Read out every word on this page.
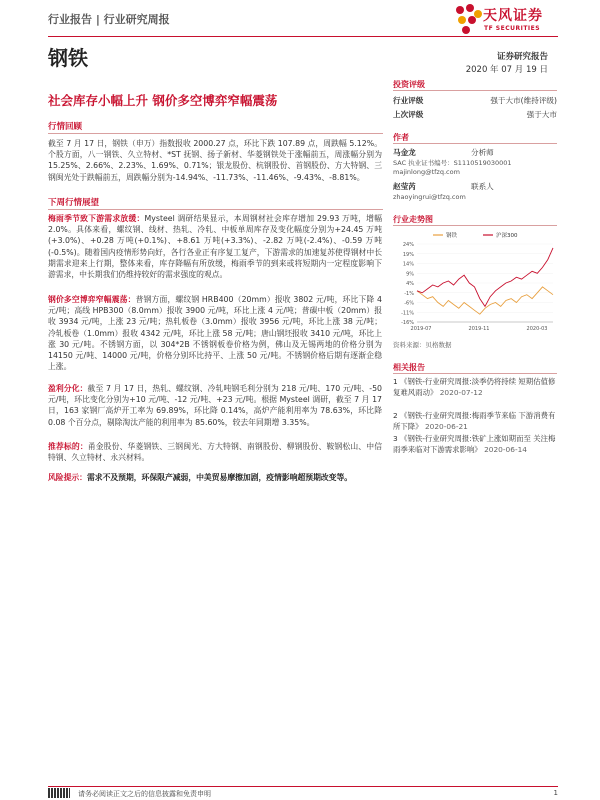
行业报告 | 行业研究周报	天风证券
TF SECURITIES
钢铁	证券研究报告
2020 年 07 月 19 日
社会库存小幅上升 钢价多空博弈窄幅震荡
行情回顾
截至 7 月 17 日，钢铁（申万）指数报收 2000.27 点，环比下跌 107.89 点，周跌幅 5.12%。个股方面，八一钢铁、久立特材、*ST 抚钢、扬子新材、华菱钢铁处于涨幅前五，周涨幅分别为 15.25%、2.66%、2.23%、1.69%、0.71%；银龙股份、杭钢股份、首钢股份、方大特钢、三钢闽光处于跌幅前五，周跌幅分别为-14.94%、-11.73%、-11.46%、-9.43%、-8.81%。
下周行情展望
梅雨季节致下游需求放缓：Mysteel 调研结果显示，本周钢材社会库存增加 29.93 万吨，增幅 2.0%。具体来看，螺纹钢、线材、热轧、冷轧、中板单周库存及变化幅度分别为+24.45 万吨(+3.0%)、+0.28 万吨(+0.1%)、+8.61 万吨(+3.3%)、-2.82 万吨(-2.4%)、-0.59 万吨(-0.5%)。随着国内疫情形势向好，各行各业正有序复工复产，下游需求的加速复苏使得钢材中长期需求迎来上行期，整体来看，库存降幅有所放缓，梅雨季节的到来或将短期内一定程度影响下游需求，中长期我们仍维持较好的需求强度的观点。
钢价多空博弈窄幅震荡：普钢方面，螺纹钢 HRB400（20mm）报收 3802 元/吨，环比下降 4 元/吨；高线 HPB300（8.0mm）报收 3900 元/吨，环比上涨 4 元/吨；普碳中板（20mm）报收 3934 元/吨，上涨 23 元/吨；热轧板卷（3.0mm）报收 3956 元/吨，环比上涨 38 元/吨；冷轧板卷（1.0mm）报收 4342 元/吨，环比上涨 58 元/吨；唐山钢坯报收 3410 元/吨，环比上涨 30 元/吨。不锈钢方面，以 304*2B 不锈钢板卷价格为例，佛山及无锡两地的价格分别为 14150 元/吨、14000 元/吨，价格分别环比持平、上涨 50 元/吨。不锈钢价格后期有逐渐企稳上涨。
盈利分化：截至 7 月 17 日，热轧、螺纹钢、冷轧吨钢毛利分别为 218 元/吨、170 元/吨、-50 元/吨，环比变化分别为+10 元/吨、-12 元/吨、+23 元/吨。根据 Mysteel 调研，截至 7 月 17 日，163 家钢厂高炉开工率为 69.89%，环比降 0.14%，高炉产能利用率为 78.63%，环比降 0.08 个百分点，剔除淘汰产能的利用率为 85.60%，较去年同期增 3.35%。
推荐标的：甬金股份、华菱钢铁、三钢闽光、方大特钢、南钢股份、柳钢股份、鞍钢松山、中信特钢、久立特材、永兴材料。
风险提示：需求不及预期，环保限产减弱，中美贸易摩擦加剧，疫情影响超预期改变等。
投资评级
行业评级	强于大市(维持评级)
上次评级	强于大市
作者
马金龙	分析师
SAC 执业证书编号：S1110519030001
majinlong@tfzq.com
赵莹芮	联系人
zhaoyingrui@tfzq.com
行业走势图
24%
19%
14%
9%
4%
-1%
-6%
-11%
-16%
2019-07	2019-11	2020-03
钢铁	沪深300
资料来源：贝格数据
相关报告
1 《钢铁-行业研究周报:淡季仍将持续 短期估值修复难风雨动》 2020-07-12
2 《钢铁-行业研究周报:梅雨季节来临 下游消费有所下降》 2020-06-21
3 《钢铁-行业研究周报:铁矿上涨如期而至 关注梅雨季来临对下游需求影响》 2020-06-14
请务必阅读正文之后的信息披露和免责申明	1
